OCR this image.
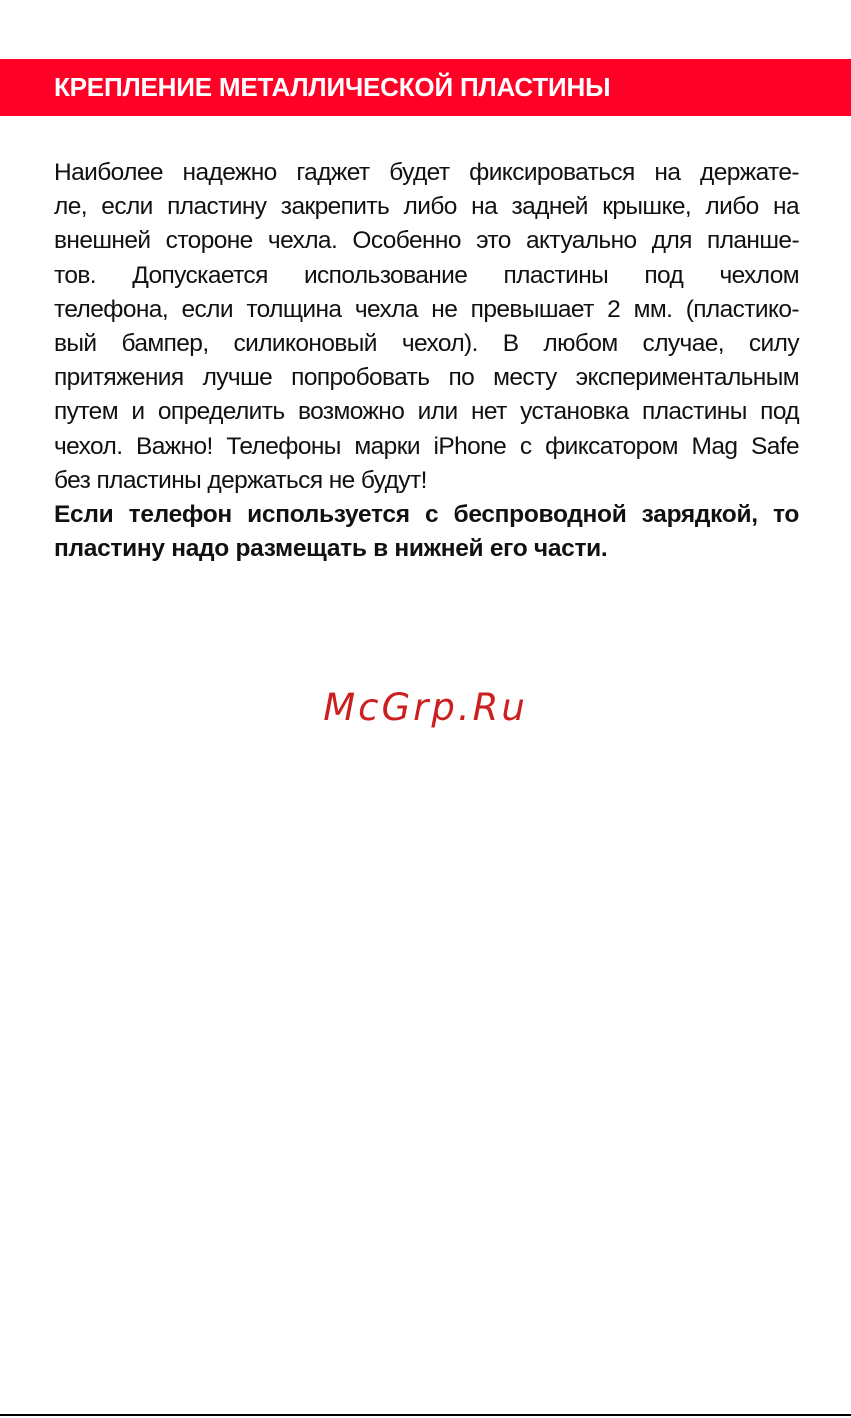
КРЕПЛЕНИЕ МЕТАЛЛИЧЕСКОЙ ПЛАСТИНЫ
Наиболее надежно гаджет будет фиксироваться на держате-
ле, если пластину закрепить либо на задней крышке, либо на
внешней стороне чехла. Особенно это актуально для планше-
тов. Допускается использование пластины под чехлом
телефона, если толщина чехла не превышает 2 мм. (пластико-
вый бампер, силиконовый чехол). В любом случае, силу
притяжения лучше попробовать по месту экспериментальным
путем и определить возможно или нет установка пластины под
чехол. Важно! Телефоны марки iPhone с фиксатором Mag Safe
без пластины держаться не будут!
Если телефон используется с беспроводной зарядкой, то
пластину надо размещать в нижней его части.
McGrp.Ru
